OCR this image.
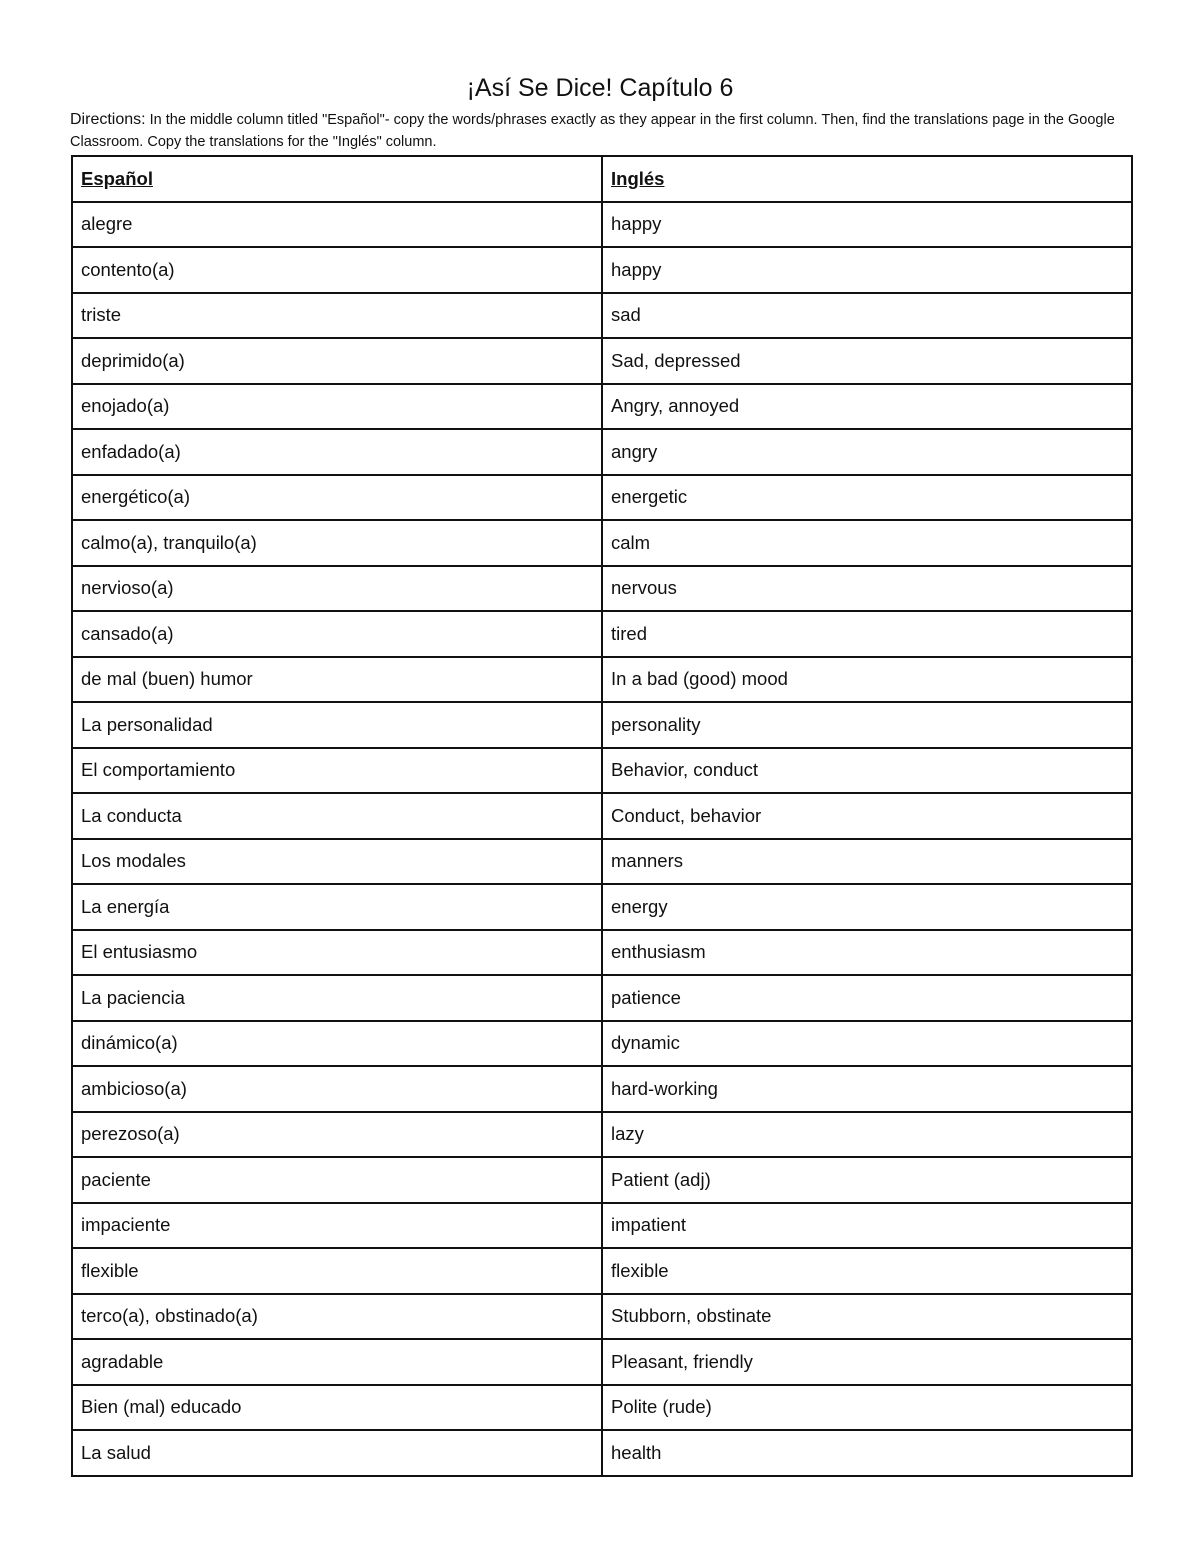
¡Así Se Dice! Capítulo 6
Directions: In the middle column titled "Español"- copy the words/phrases exactly as they appear in the first column. Then, find the translations page in the Google Classroom. Copy the translations for the "Inglés" column.
Español	Inglés
alegre	happy
contento(a)	happy
triste	sad
deprimido(a)	Sad, depressed
enojado(a)	Angry, annoyed
enfadado(a)	angry
energético(a)	energetic
calmo(a), tranquilo(a)	calm
nervioso(a)	nervous
cansado(a)	tired
de mal (buen) humor	In a bad (good) mood
La personalidad	personality
El comportamiento	Behavior, conduct
La conducta	Conduct, behavior
Los modales	manners
La energía	energy
El entusiasmo	enthusiasm
La paciencia	patience
dinámico(a)	dynamic
ambicioso(a)	hard-working
perezoso(a)	lazy
paciente	Patient (adj)
impaciente	impatient
flexible	flexible
terco(a), obstinado(a)	Stubborn, obstinate
agradable	Pleasant, friendly
Bien (mal) educado	Polite (rude)
La salud	health
